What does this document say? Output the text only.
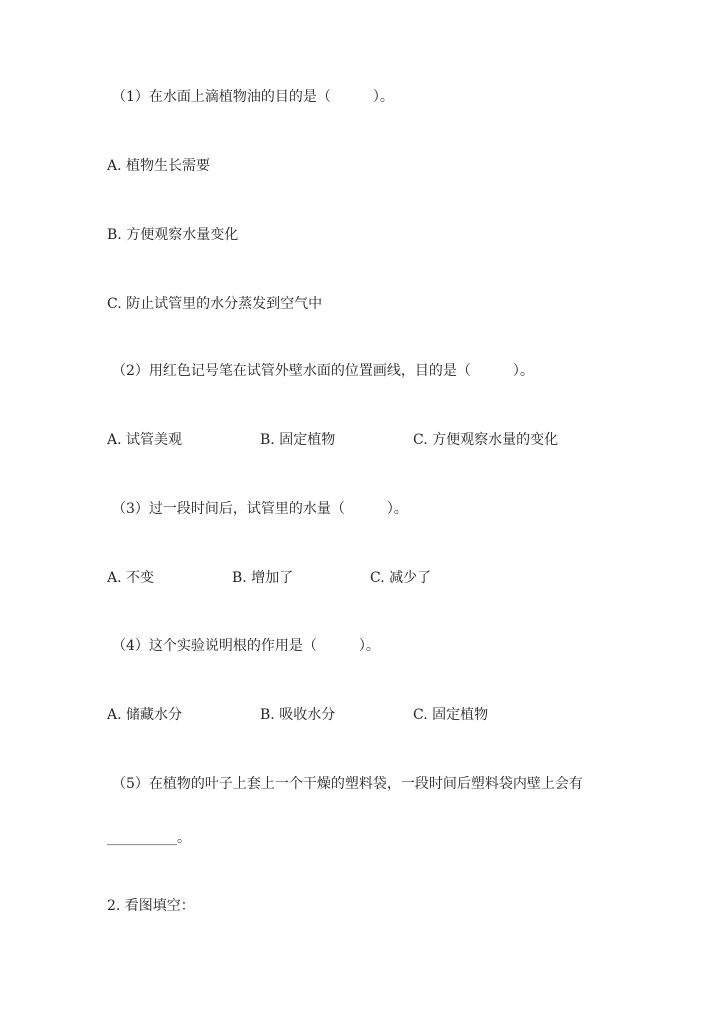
（1）在水面上滴植物油的目的是（　　　）。
A. 植物生长需要
B. 方便观察水量变化
C. 防止试管里的水分蒸发到空气中
（2）用红色记号笔在试管外壁水面的位置画线，目的是（　　　）。
A. 试管美观	B. 固定植物	C. 方便观察水量的变化
（3）过一段时间后，试管里的水量（　　　）。
A. 不变	B. 增加了	C. 减少了
（4）这个实验说明根的作用是（　　　）。
A. 储藏水分	B. 吸收水分	C. 固定植物
（5）在植物的叶子上套上一个干燥的塑料袋，一段时间后塑料袋内壁上会有
__________。
2. 看图填空：
